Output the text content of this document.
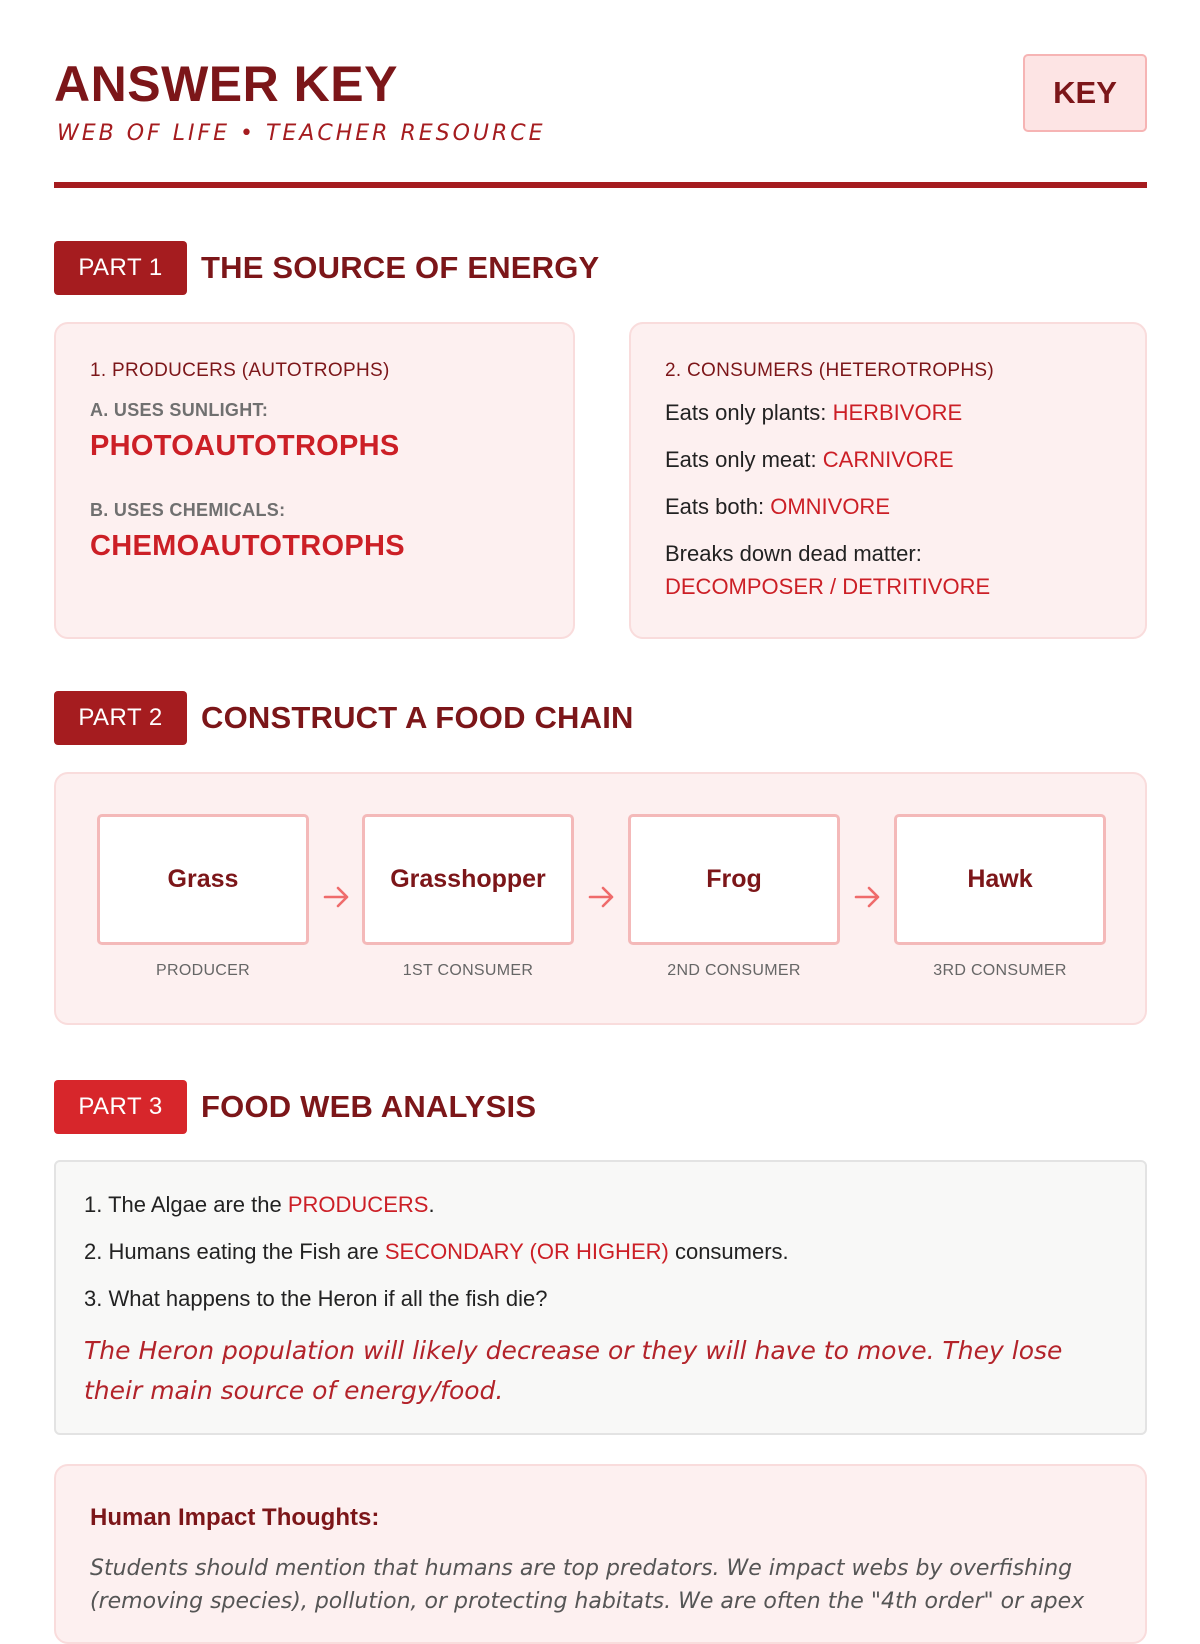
ANSWER KEY
WEB OF LIFE • TEACHER RESOURCE
KEY
PART 1	THE SOURCE OF ENERGY
1. PRODUCERS (AUTOTROPHS)
A. USES SUNLIGHT:
PHOTOAUTOTROPHS
B. USES CHEMICALS:
CHEMOAUTOTROPHS
2. CONSUMERS (HETEROTROPHS)
Eats only plants: HERBIVORE
Eats only meat: CARNIVORE
Eats both: OMNIVORE
Breaks down dead matter:
DECOMPOSER / DETRITIVORE
PART 2	CONSTRUCT A FOOD CHAIN
Grass
PRODUCER
Grasshopper
1ST CONSUMER
Frog
2ND CONSUMER
Hawk
3RD CONSUMER
PART 3	FOOD WEB ANALYSIS
1. The Algae are the PRODUCERS.
2. Humans eating the Fish are SECONDARY (OR HIGHER) consumers.
3. What happens to the Heron if all the fish die?
The Heron population will likely decrease or they will have to move. They lose their main source of energy/food.
Human Impact Thoughts:
Students should mention that humans are top predators. We impact webs by overfishing (removing species), pollution, or protecting habitats. We are often the "4th order" or apex
